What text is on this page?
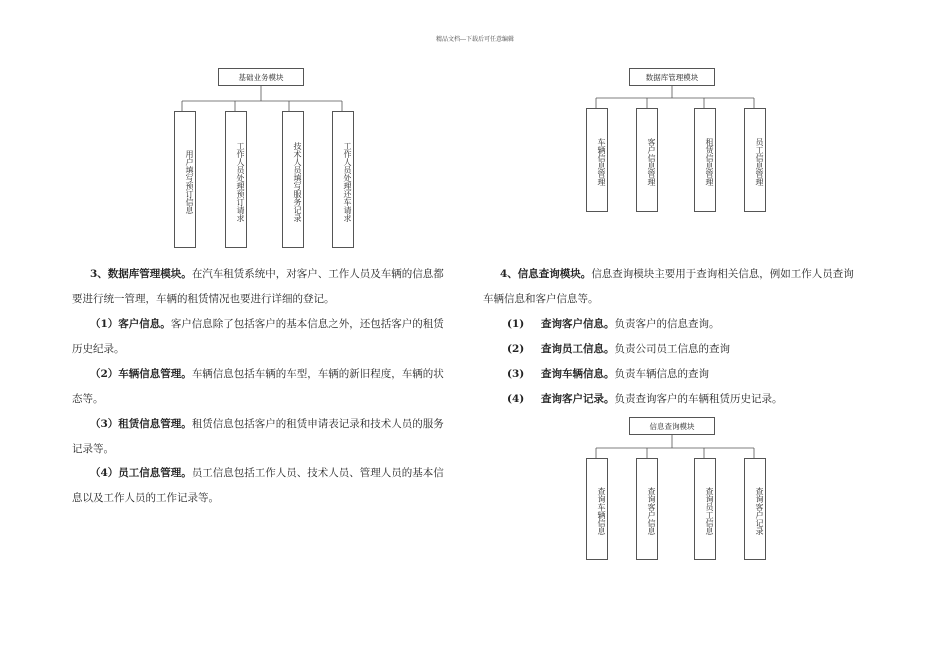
精品文档---下载后可任意编辑
基础业务模块
用户填写预订信息	工作人员处理预订请求	技术人员填写服务记录	工作人员处理还车请求
数据库管理模块
车辆信息管理	客户信息管理	租赁信息管理	员工信息管理
信息查询模块
查询车辆信息	查询客户信息	查询员工信息	查询客户记录
3、数据库管理模块。在汽车租赁系统中，对客户、工作人员及车辆的信息都
要进行统一管理，车辆的租赁情况也要进行详细的登记。
（1）客户信息。客户信息除了包括客户的基本信息之外，还包括客户的租赁
历史纪录。
（2）车辆信息管理。车辆信息包括车辆的车型，车辆的新旧程度，车辆的状
态等。
（3）租赁信息管理。租赁信息包括客户的租赁申请表记录和技术人员的服务
记录等。
（4）员工信息管理。员工信息包括工作人员、技术人员、管理人员的基本信
息以及工作人员的工作记录等。
4、信息查询模块。信息查询模块主要用于查询相关信息，例如工作人员查询
车辆信息和客户信息等。
(1) 查询客户信息。负责客户的信息查询。
(2) 查询员工信息。负责公司员工信息的查询
(3) 查询车辆信息。负责车辆信息的查询
(4) 查询客户记录。负责查询客户的车辆租赁历史记录。
